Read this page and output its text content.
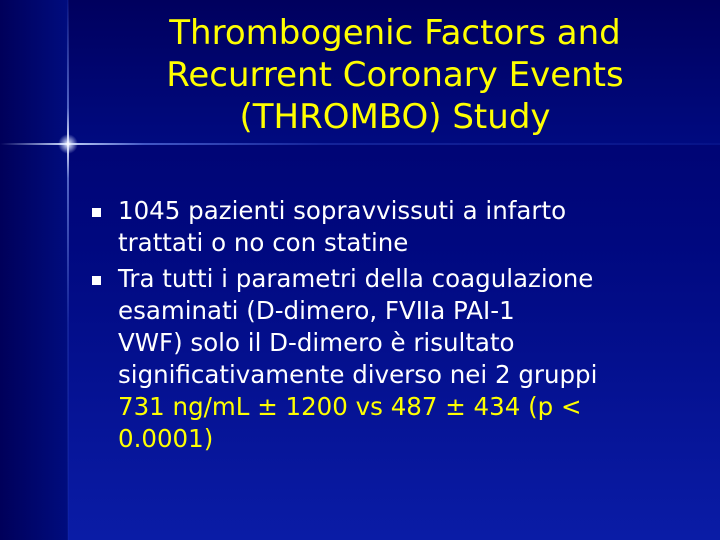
Thrombogenic Factors and
Recurrent Coronary Events
(THROMBO) Study
1045 pazienti sopravvissuti a infarto
trattati o no con statine
Tra tutti i parametri della coagulazione
esaminati (D-dimero, FVIIa PAI-1
VWF) solo il D-dimero è risultato
significativamente diverso nei 2 gruppi
731 ng/mL ± 1200 vs 487 ± 434 (p <
0.0001)
